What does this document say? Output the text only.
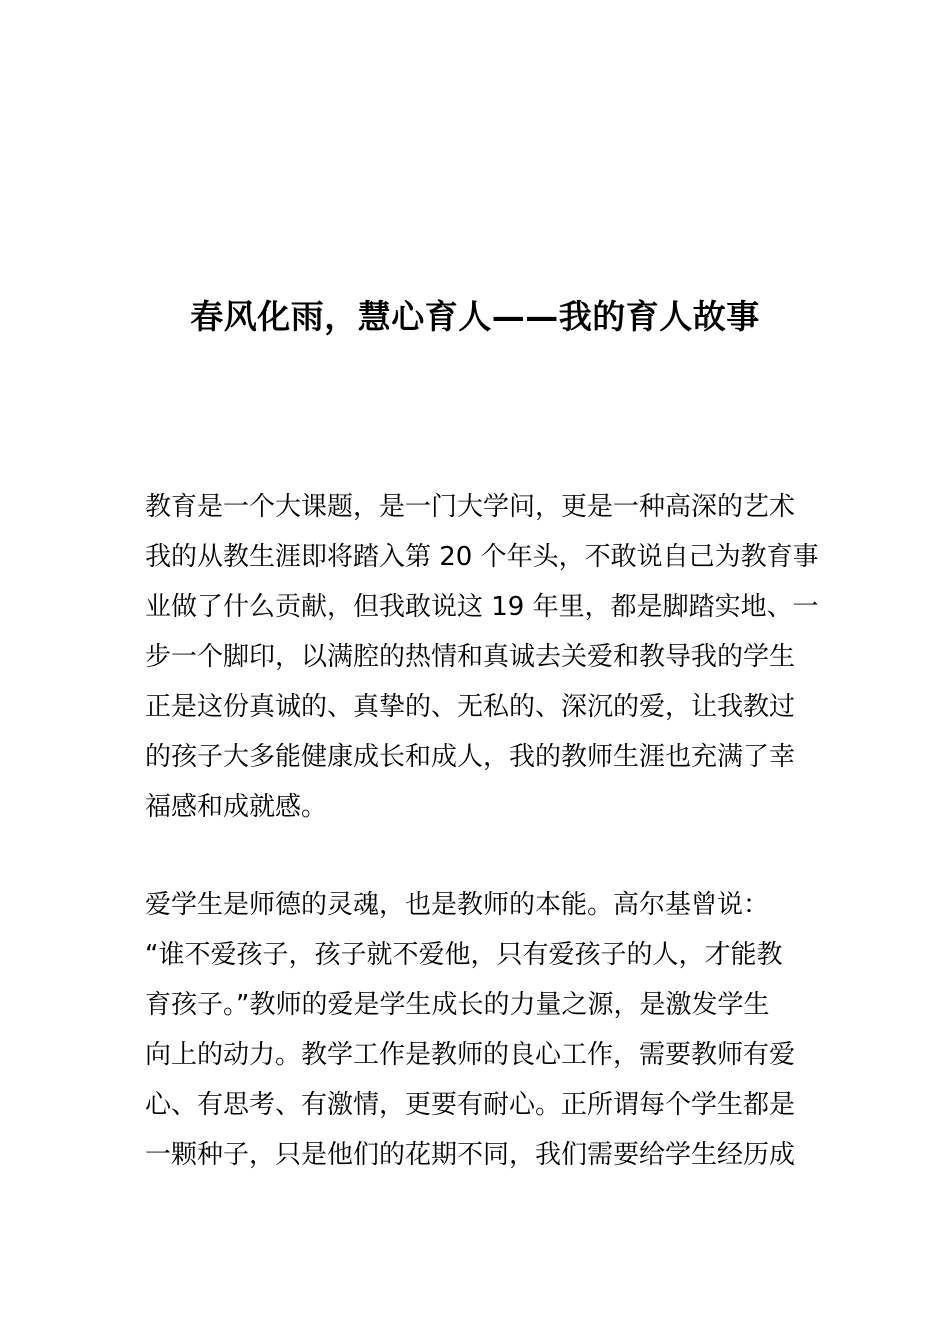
春风化雨，慧心育人——我的育人故事
教育是一个大课题，是一门大学问，更是一种高深的艺术
我的从教生涯即将踏入第 20 个年头，不敢说自己为教育事
业做了什么贡献，但我敢说这 19 年里，都是脚踏实地、一
步一个脚印，以满腔的热情和真诚去关爱和教导我的学生
正是这份真诚的、真挚的、无私的、深沉的爱，让我教过
的孩子大多能健康成长和成人，我的教师生涯也充满了幸
福感和成就感。
爱学生是师德的灵魂，也是教师的本能。高尔基曾说：
“谁不爱孩子，孩子就不爱他，只有爱孩子的人，才能教
育孩子。”教师的爱是学生成长的力量之源，是激发学生
向上的动力。教学工作是教师的良心工作，需要教师有爱
心、有思考、有激情，更要有耐心。正所谓每个学生都是
一颗种子，只是他们的花期不同，我们需要给学生经历成
